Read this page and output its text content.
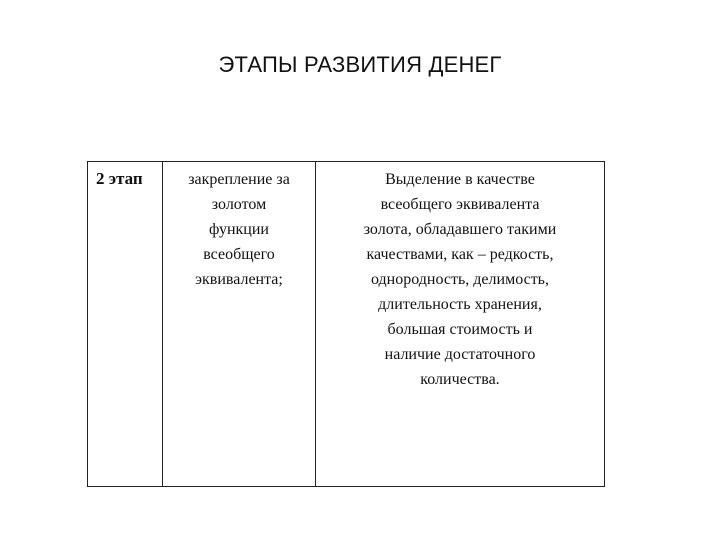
ЭТАПЫ РАЗВИТИЯ ДЕНЕГ
2 этап	закрепление за
золотом
функции
всеобщего
эквивалента;
Выделение в качестве
всеобщего эквивалента
золота, обладавшего такими
качествами, как – редкость,
однородность, делимость,
длительность хранения,
большая стоимость и
наличие достаточного
количества.
